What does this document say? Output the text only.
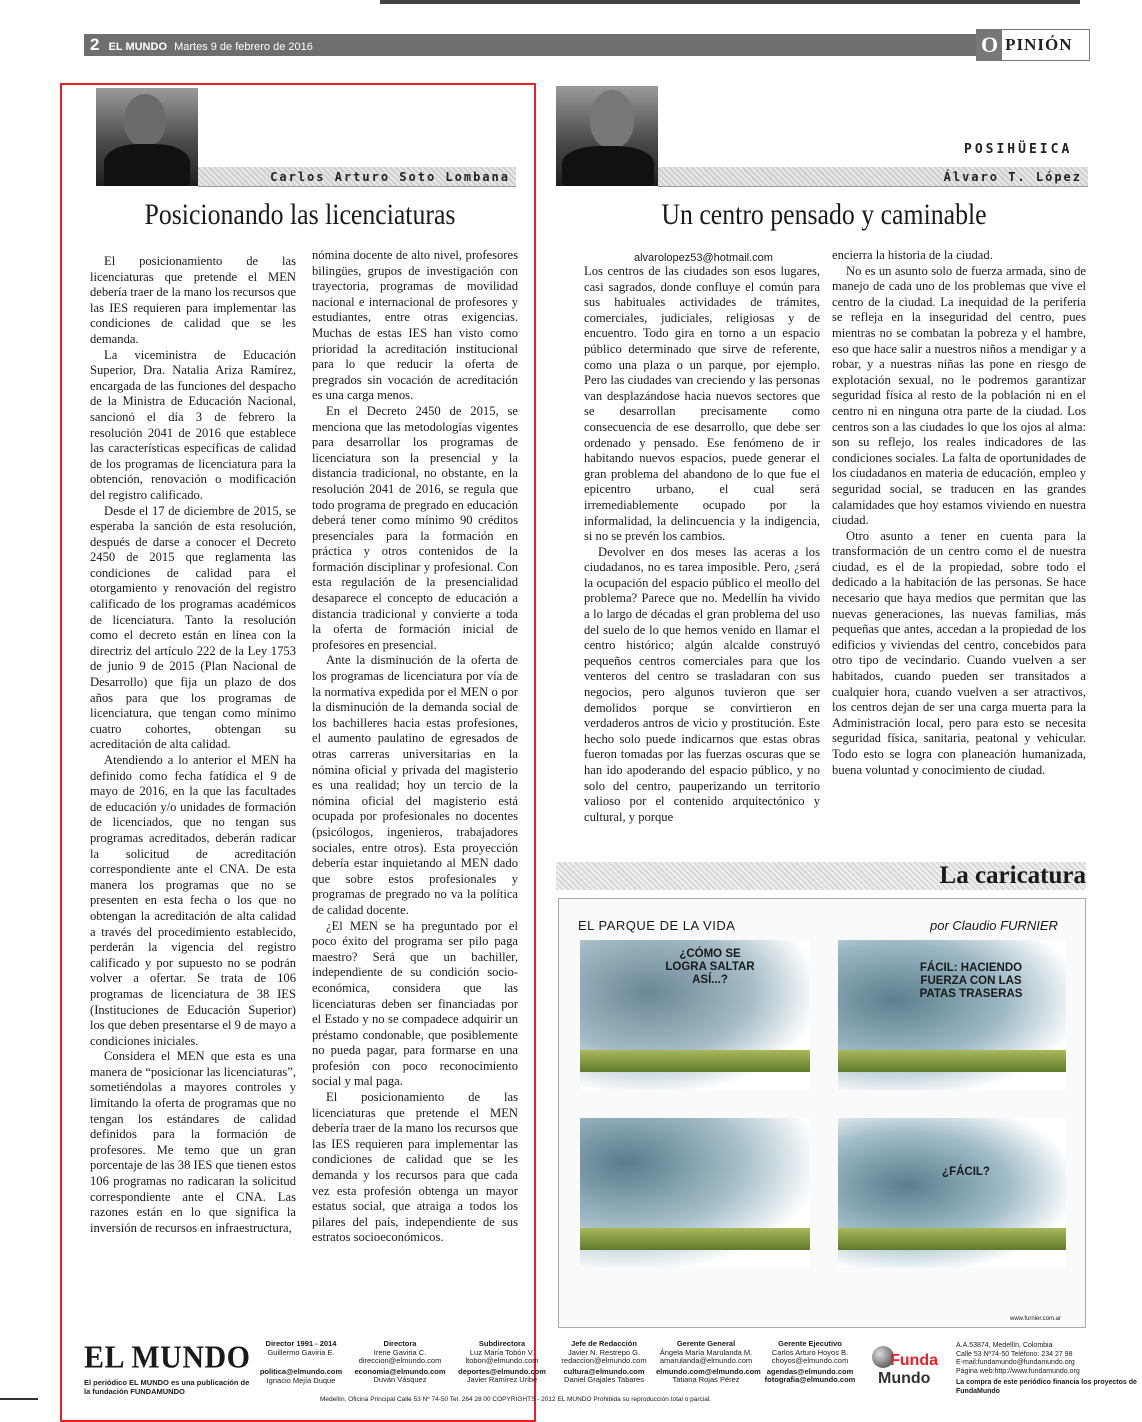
2 EL MUNDO Martes 9 de febrero de 2016	O PINIÓN
Carlos Arturo Soto Lombana
Posicionando las licenciaturas

El posicionamiento de las licenciaturas que pretende el MEN debería traer de la mano los recursos que las IES requieren para implementar las condiciones de calidad que se les demanda.

La viceministra de Educación Superior, Dra. Natalia Ariza Ramírez, encargada de las funciones del despacho de la Ministra de Educación Nacional, sancionó el día 3 de febrero la resolución 2041 de 2016 que establece las características específicas de calidad de los programas de licenciatura para la obtención, renovación o modificación del registro calificado.

Desde el 17 de diciembre de 2015, se esperaba la sanción de esta resolución, después de darse a conocer el Decreto 2450 de 2015 que reglamenta las condiciones de calidad para el otorgamiento y renovación del registro calificado de los programas académicos de licenciatura. Tanto la resolución como el decreto están en línea con la directriz del artículo 222 de la Ley 1753 de junio 9 de 2015 (Plan Nacional de Desarrollo) que fija un plazo de dos años para que los programas de licenciatura, que tengan como mínimo cuatro cohortes, obtengan su acreditación de alta calidad.

Atendiendo a lo anterior el MEN ha definido como fecha fatídica el 9 de mayo de 2016, en la que las facultades de educación y/o unidades de formación de licenciados, que no tengan sus programas acreditados, deberán radicar la solicitud de acreditación correspondiente ante el CNA. De esta manera los programas que no se presenten en esta fecha o los que no obtengan la acreditación de alta calidad a través del procedimiento establecido, perderán la vigencia del registro calificado y por supuesto no se podrán volver a ofertar. Se trata de 106 programas de licenciatura de 38 IES (Instituciones de Educación Superior) los que deben presentarse el 9 de mayo a condiciones iniciales.

Considera el MEN que esta es una manera de “posicionar las licenciaturas”, sometiéndolas a mayores controles y limitando la oferta de programas que no tengan los estándares de calidad definidos para la formación de profesores. Me temo que un gran porcentaje de las 38 IES que tienen estos 106 programas no radicaran la solicitud correspondiente ante el CNA. Las razones están en lo que significa la inversión de recursos en infraestructura,

nómina docente de alto nivel, profesores bilingües, grupos de investigación con trayectoria, programas de movilidad nacional e internacional de profesores y estudiantes, entre otras exigencias. Muchas de estas IES han visto como prioridad la acreditación institucional para lo que reducir la oferta de pregrados sin vocación de acreditación es una carga menos.

En el Decreto 2450 de 2015, se menciona que las metodologías vigentes para desarrollar los programas de licenciatura son la presencial y la distancia tradicional, no obstante, en la resolución 2041 de 2016, se regula que todo programa de pregrado en educación deberá tener como mínimo 90 créditos presenciales para la formación en práctica y otros contenidos de la formación disciplinar y profesional. Con esta regulación de la presencialidad desaparece el concepto de educación a distancia tradicional y convierte a toda la oferta de formación inicial de profesores en presencial.

Ante la disminución de la oferta de los programas de licenciatura por vía de la normativa expedida por el MEN o por la disminución de la demanda social de los bachilleres hacia estas profesiones, el aumento paulatino de egresados de otras carreras universitarias en la nómina oficial y privada del magisterio es una realidad; hoy un tercio de la nómina oficial del magisterio está ocupada por profesionales no docentes (psicólogos, ingenieros, trabajadores sociales, entre otros). Esta proyección debería estar inquietando al MEN dado que sobre estos profesionales y programas de pregrado no va la política de calidad docente.

¿El MEN se ha preguntado por el poco éxito del programa ser pilo paga maestro? Será que un bachiller, independiente de su condición socio-económica, considera que las licenciaturas deben ser financiadas por el Estado y no se compadece adquirir un préstamo condonable, que posiblemente no pueda pagar, para formarse en una profesión con poco reconocimiento social y mal paga.

El posicionamiento de las licenciaturas que pretende el MEN debería traer de la mano los recursos que las IES requieren para implementar las condiciones de calidad que se les demanda y los recursos para que cada vez esta profesión obtenga un mayor estatus social, que atraiga a todos los pilares del país, independiente de sus estratos socioeconómicos.

POSIHÜEICA
Álvaro T. López
Un centro pensado y caminable
alvarolopez53@hotmail.com

Los centros de las ciudades son esos lugares, casi sagrados, donde confluye el común para sus habituales actividades de trámites, comerciales, judiciales, religiosas y de encuentro. Todo gira en torno a un espacio público determinado que sirve de referente, como una plaza o un parque, por ejemplo. Pero las ciudades van creciendo y las personas van desplazándose hacia nuevos sectores que se desarrollan precisamente como consecuencia de ese desarrollo, que debe ser ordenado y pensado. Ese fenómeno de ir habitando nuevos espacios, puede generar el gran problema del abandono de lo que fue el epicentro urbano, el cual será irremediablemente ocupado por la informalidad, la delincuencia y la indigencia, si no se prevén los cambios.

Devolver en dos meses las aceras a los ciudadanos, no es tarea imposible. Pero, ¿será la ocupación del espacio público el meollo del problema? Parece que no. Medellín ha vivido a lo largo de décadas el gran problema del uso del suelo de lo que hemos venido en llamar el centro histórico; algún alcalde construyó pequeños centros comerciales para que los venteros del centro se trasladaran con sus negocios, pero algunos tuvieron que ser demolidos porque se convirtieron en verdaderos antros de vicio y prostitución. Este hecho solo puede indicarnos que estas obras fueron tomadas por las fuerzas oscuras que se han ido apoderando del espacio público, y no solo del centro, pauperizando un territorio valioso por el contenido arquitectónico y cultural, y porque

encierra la historia de la ciudad.

No es un asunto solo de fuerza armada, sino de manejo de cada uno de los problemas que vive el centro de la ciudad. La inequidad de la periferia se refleja en la inseguridad del centro, pues mientras no se combatan la pobreza y el hambre, eso que hace salir a nuestros niños a mendigar y a robar, y a nuestras niñas las pone en riesgo de explotación sexual, no le podremos garantizar seguridad física al resto de la población ni en el centro ni en ninguna otra parte de la ciudad. Los centros son a las ciudades lo que los ojos al alma: son su reflejo, los reales indicadores de las condiciones sociales. La falta de oportunidades de los ciudadanos en materia de educación, empleo y seguridad social, se traducen en las grandes calamidades que hoy estamos viviendo en nuestra ciudad.

Otro asunto a tener en cuenta para la transformación de un centro como el de nuestra ciudad, es el de la propiedad, sobre todo el dedicado a la habitación de las personas. Se hace necesario que haya medios que permitan que las nuevas generaciones, las nuevas familias, más pequeñas que antes, accedan a la propiedad de los edificios y viviendas del centro, concebidos para otro tipo de vecindario. Cuando vuelven a ser habitados, cuando pueden ser transitados a cualquier hora, cuando vuelven a ser atractivos, los centros dejan de ser una carga muerta para la Administración local, pero para esto se necesita seguridad física, sanitaria, peatonal y vehicular. Todo esto se logra con planeación humanizada, buena voluntad y conocimiento de ciudad.

La caricatura
EL PARQUE DE LA VIDA	por Claudio FURNIER
¿CÓMO SE
LOGRA SALTAR
ASÍ...?
FÁCIL: HACIENDO
FUERZA CON LAS
PATAS TRASERAS
¿FÁCIL?
www.furnier.com.ar
EL MUNDO
El periódico EL MUNDO es una publicación de la fundación FUNDAMUNDO
Director 1991 - 2014
Guillermo Gaviria E.
politica@elmundo.com
Ignacio Mejía Duque
Directora
Irene Gaviria C.
direccion@elmundo.com
economia@elmundo.com
Duván Vásquez
Subdirectora
Luz María Tobón V.
ltobon@elmundo.com
deportes@elmundo.com
Javier Ramírez Uribe
Jefe de Redacción
Javier N. Restrepo G.
redaccion@elmundo.com
cultura@elmundo.com
Daniel Grajales Tabares
Gerente General
Ángela María Marulanda M.
amarulanda@elmundo.com
elmundo.com@elmundo.com
Tatiana Rojas Pérez
Gerente Ejecutivo
Carlos Arturo Hoyos B.
choyos@elmundo.com
agendas@elmundo.com
fotografia@elmundo.com
Medellín, Oficina Principal Calle 53 Nº 74-50 Tel. 264 28 00 COPYRIGHTS - 2012 EL MUNDO Prohibida su reproducción total o parcial.
Funda
Mundo
A.A.53874, Medellín, Colombia
Calle 53 Nº74-50 Teléfono: 234 27 98
E-mail:fundamundo@fundamundo.org
Página web:http://www.fundamundo.org
La compra de este periódico financia los proyectos de FundaMundo
